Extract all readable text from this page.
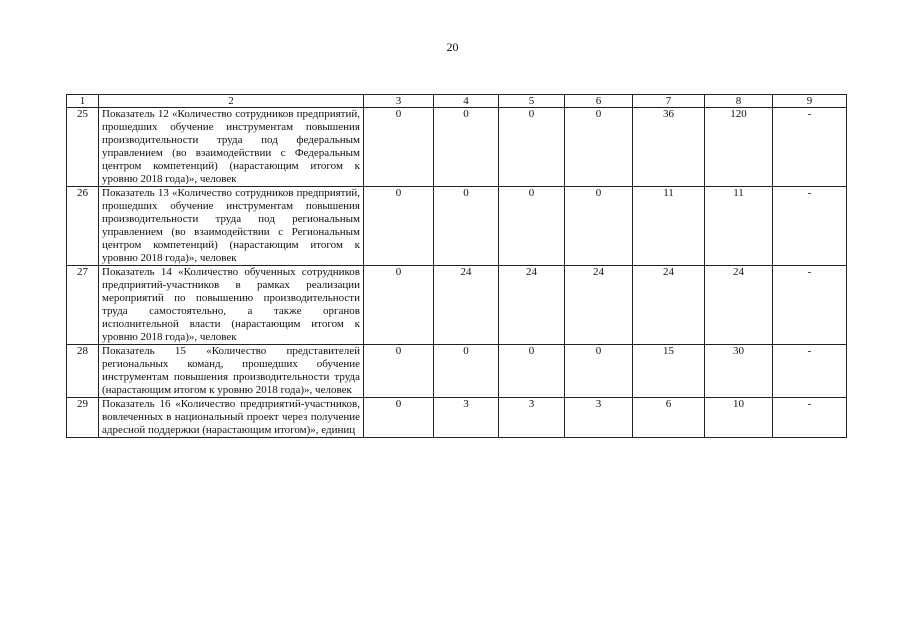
20
1	2	3	4	5	6	7	8	9
25	Показатель 12 «Количество сотрудников предприятий, прошедших обучение инструментам повышения производительности труда под федеральным управлением (во взаимодействии с Федеральным центром компетенций) (нарастающим итогом к уровню 2018 года)», человек	0	0	0	0	36	120	-
26	Показатель 13 «Количество сотрудников предприятий, прошедших обучение инструментам повышения производительности труда под региональным управлением (во взаимодействии с Региональным центром компетенций) (нарастающим итогом к уровню 2018 года)», человек	0	0	0	0	11	11	-
27	Показатель 14 «Количество обученных сотрудников предприятий-участников в рамках реализации мероприятий по повышению производительности труда самостоятельно, а также органов исполнительной власти (нарастающим итогом к уровню 2018 года)», человек	0	24	24	24	24	24	-
28	Показатель 15 «Количество представителей региональных команд, прошедших обучение инструментам повышения производительности труда (нарастающим итогом к уровню 2018 года)», человек	0	0	0	0	15	30	-
29	Показатель 16 «Количество предприятий-участников, вовлеченных в национальный проект через получение адресной поддержки (нарастающим итогом)», единиц	0	3	3	3	6	10	-
